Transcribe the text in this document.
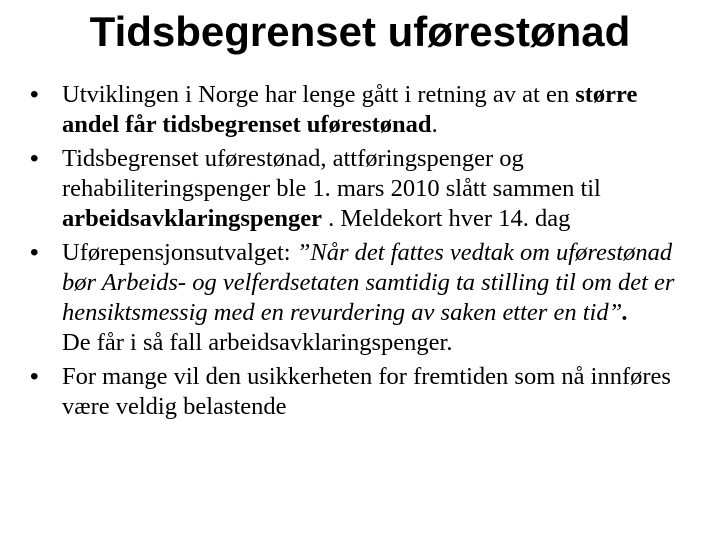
Tidsbegrenset uførestønad
• Utviklingen i Norge har lenge gått i retning av at en større andel får tidsbegrenset uførestønad.
• Tidsbegrenset uførestønad, attføringspenger og rehabiliteringspenger ble 1. mars 2010 slått sammen til arbeidsavklaringspenger . Meldekort hver 14. dag
• Uførepensjonsutvalget: ”Når det fattes vedtak om uførestønad bør Arbeids- og velferdsetaten samtidig ta stilling til om det er hensiktsmessig med en revurdering av saken etter en tid”.
De får i så fall arbeidsavklaringspenger.
• For mange vil den usikkerheten for fremtiden som nå innføres være veldig belastende
